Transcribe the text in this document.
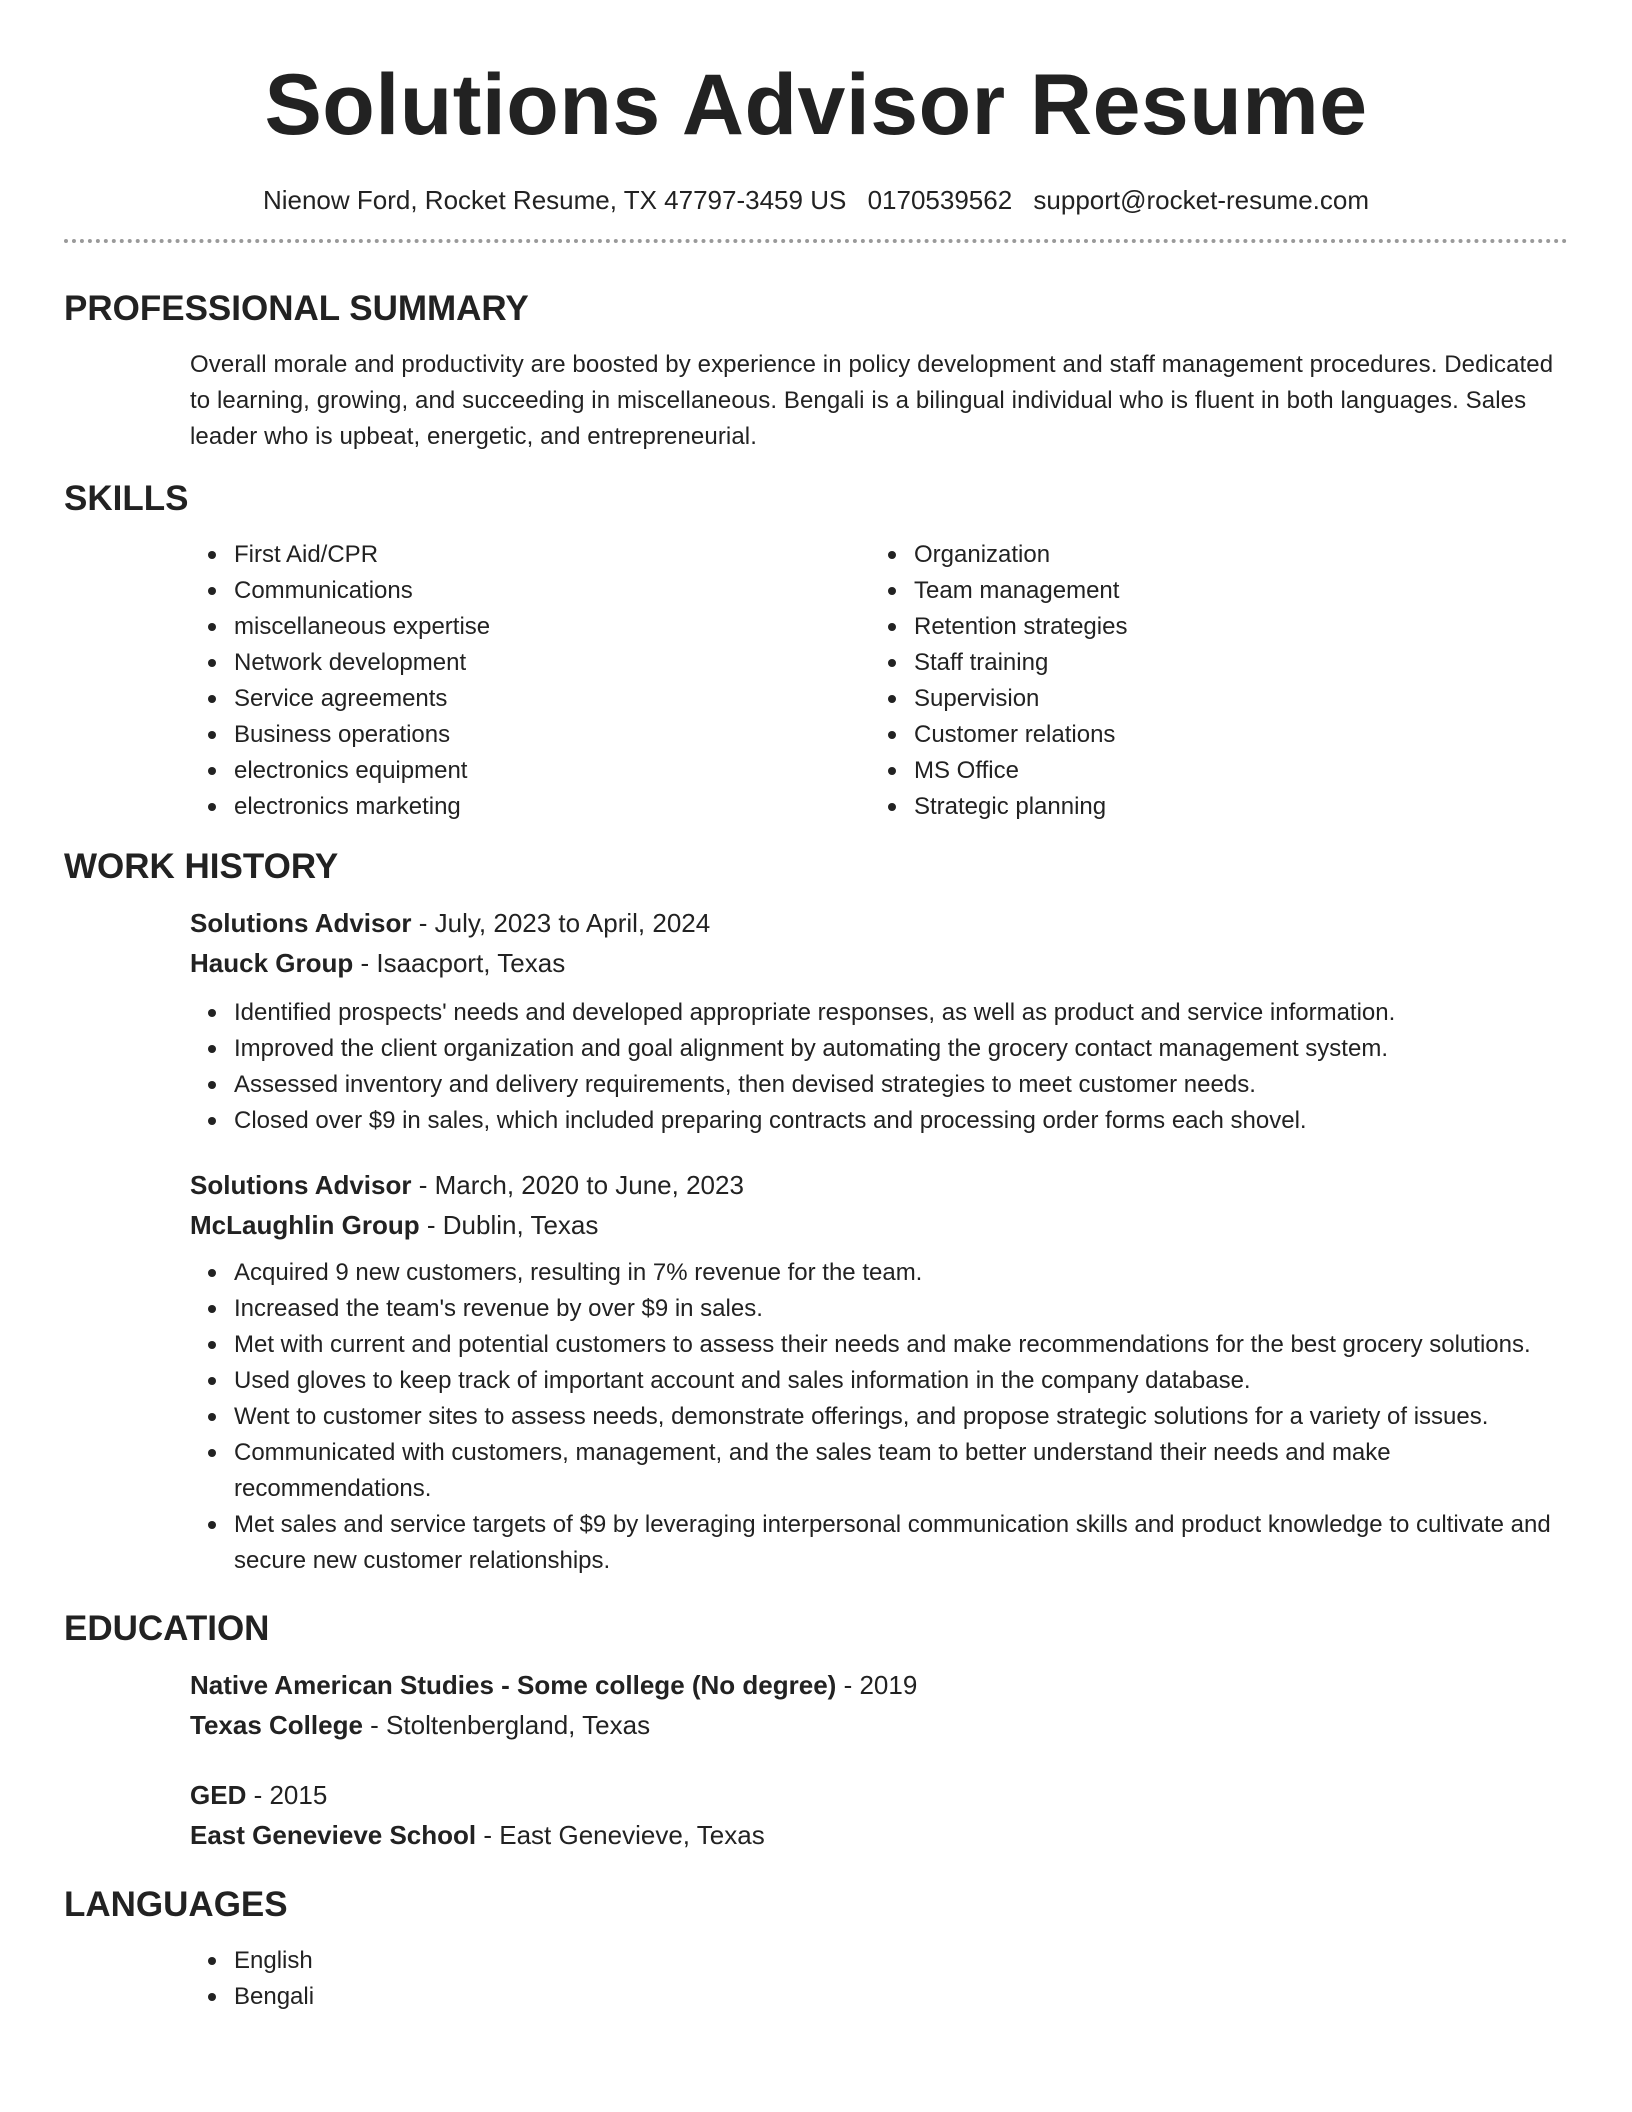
Solutions Advisor Resume
Nienow Ford, Rocket Resume, TX 47797-3459 US 0170539562 support@rocket-resume.com
PROFESSIONAL SUMMARY
Overall morale and productivity are boosted by experience in policy development and staff management procedures. Dedicated to learning, growing, and succeeding in miscellaneous. Bengali is a bilingual individual who is fluent in both languages. Sales leader who is upbeat, energetic, and entrepreneurial.
SKILLS
First Aid/CPR
Communications
miscellaneous expertise
Network development
Service agreements
Business operations
electronics equipment
electronics marketing
Organization
Team management
Retention strategies
Staff training
Supervision
Customer relations
MS Office
Strategic planning
WORK HISTORY
Solutions Advisor - July, 2023 to April, 2024
Hauck Group - Isaacport, Texas
Identified prospects' needs and developed appropriate responses, as well as product and service information.
Improved the client organization and goal alignment by automating the grocery contact management system.
Assessed inventory and delivery requirements, then devised strategies to meet customer needs.
Closed over $9 in sales, which included preparing contracts and processing order forms each shovel.
Solutions Advisor - March, 2020 to June, 2023
McLaughlin Group - Dublin, Texas
Acquired 9 new customers, resulting in 7% revenue for the team.
Increased the team's revenue by over $9 in sales.
Met with current and potential customers to assess their needs and make recommendations for the best grocery solutions.
Used gloves to keep track of important account and sales information in the company database.
Went to customer sites to assess needs, demonstrate offerings, and propose strategic solutions for a variety of issues.
Communicated with customers, management, and the sales team to better understand their needs and make recommendations.
Met sales and service targets of $9 by leveraging interpersonal communication skills and product knowledge to cultivate and secure new customer relationships.
EDUCATION
Native American Studies - Some college (No degree) - 2019
Texas College - Stoltenbergland, Texas
GED - 2015
East Genevieve School - East Genevieve, Texas
LANGUAGES
English
Bengali
